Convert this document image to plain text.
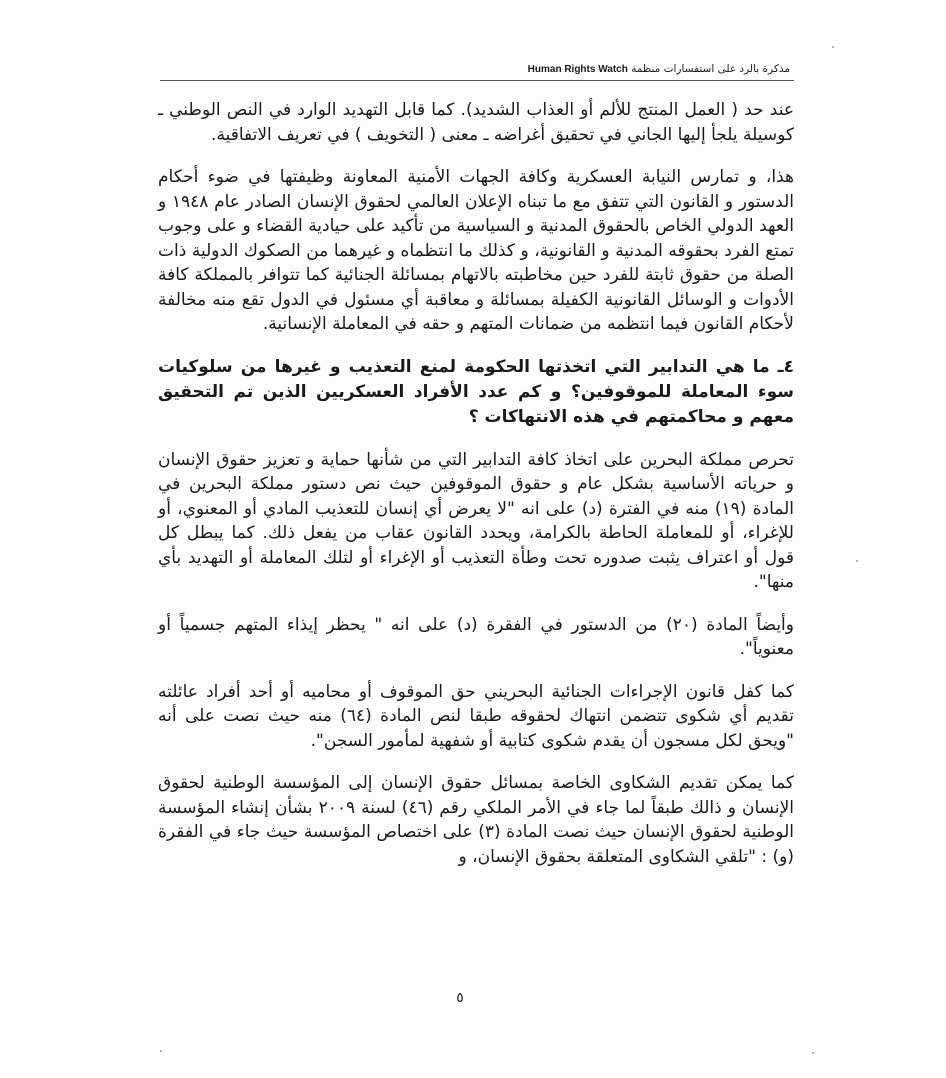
Human Rights Watch مذكرة بالرد على استفسارات منظمة

عند حد ( العمل المنتج للألم أو العذاب الشديد). كما قابل التهديد الوارد في النص الوطني ـ كوسيلة يلجأ إليها الجاني في تحقيق أغراضه ـ معنى ( التخويف ) في تعريف الاتفاقية.

هذا، و تمارس النيابة العسكرية وكافة الجهات الأمنية المعاونة وظيفتها في ضوء أحكام الدستور و القانون التي تتفق مع ما تبناه الإعلان العالمي لحقوق الإنسان الصادر عام ١٩٤٨ و العهد الدولي الخاص بالحقوق المدنية و السياسية من تأكيد على حيادية القضاء و على وجوب تمتع الفرد بحقوقه المدنية و القانونية، و كذلك ما انتظماه و غيرهما من الصكوك الدولية ذات الصلة من حقوق ثابتة للفرد حين مخاطبته بالاتهام بمسائلة الجنائية كما تتوافر بالمملكة كافة الأدوات و الوسائل القانونية الكفيلة بمسائلة و معاقبة أي مسئول في الدول تقع منه مخالفة لأحكام القانون فيما انتظمه من ضمانات المتهم و حقه في المعاملة الإنسانية.

٤ـ ما هي التدابير التي اتخذتها الحكومة لمنع التعذيب و غيرها من سلوكيات سوء المعاملة للموقوفين؟ و كم عدد الأفراد العسكريين الذين تم التحقيق معهم و محاكمتهم في هذه الانتهاكات ؟

تحرص مملكة البحرين على اتخاذ كافة التدابير التي من شأنها حماية و تعزيز حقوق الإنسان و حرياته الأساسية بشكل عام و حقوق الموقوفين حيث نص دستور مملكة البحرين في المادة (١٩) منه في الفترة (د) على انه "لا يعرض أي إنسان للتعذيب المادي أو المعنوي، أو للإغراء، أو للمعاملة الحاطة بالكرامة، ويحدد القانون عقاب من يفعل ذلك. كما يبطل كل قول أو اعتراف يثبت صدوره تحت وطأة التعذيب أو الإغراء أو لتلك المعاملة أو التهديد بأي منها".

وأيضاً المادة (٢٠) من الدستور في الفقرة (د) على انه " يحظر إيذاء المتهم جسمياً أو معنوياً".

كما كفل قانون الإجراءات الجنائية البحريني حق الموقوف أو محاميه أو أحد أفراد عائلته تقديم أي شكوى تتضمن انتهاك لحقوقه طبقا لنص المادة (٦٤) منه حيث نصت على أنه "ويحق لكل مسجون أن يقدم شكوى كتابية أو شفهية لمأمور السجن".

كما يمكن تقديم الشكاوى الخاصة بمسائل حقوق الإنسان إلى المؤسسة الوطنية لحقوق الإنسان و ذالك طبقاً لما جاء في الأمر الملكي رقم (٤٦) لسنة ٢٠٠٩ بشأن إنشاء المؤسسة الوطنية لحقوق الإنسان حيث نصت المادة (٣) على اختصاص المؤسسة حيث جاء في الفقرة (و) : "تلقي الشكاوى المتعلقة بحقوق الإنسان، و

٥
